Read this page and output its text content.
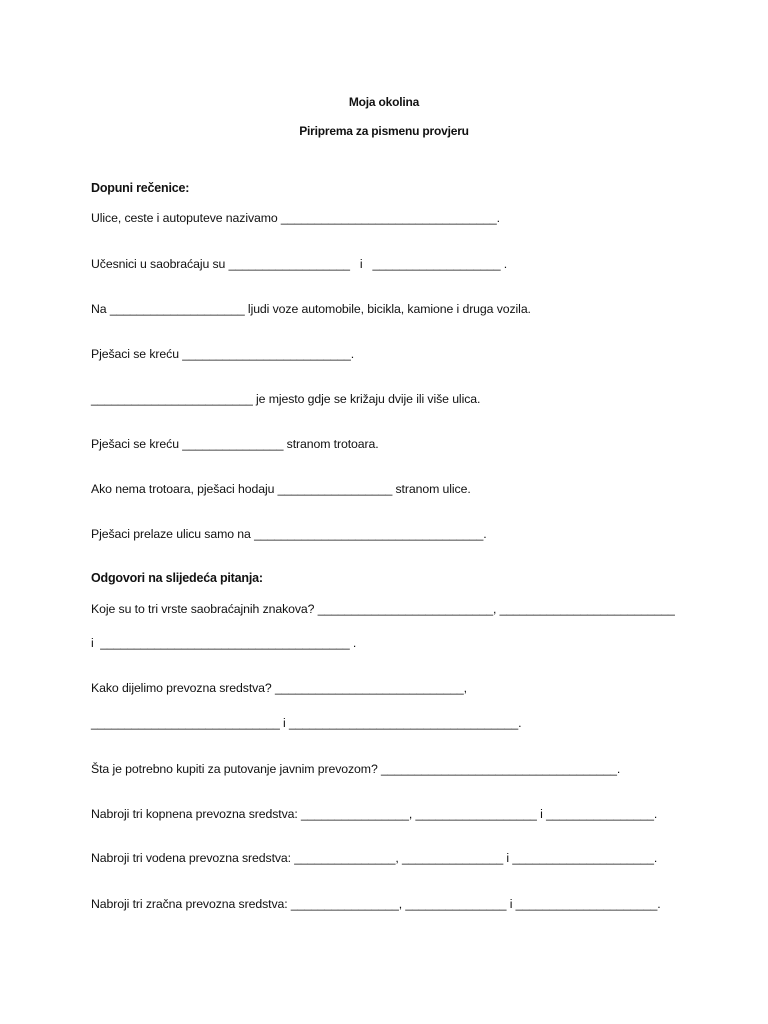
Moja okolina
Piriprema za pismenu provjeru
Dopuni rečenice:
Ulice, ceste i autoputeve nazivamo ________________________________.
Učesnici u saobraćaju su __________________   i   ___________________ .
Na ____________________ ljudi voze automobile, bicikla, kamione i druga vozila.
Pješaci se kreću _________________________.
________________________ je mjesto gdje se križaju dvije ili više ulica.
Pješaci se kreću _______________ stranom trotoara.
Ako nema trotoara, pješaci hodaju _________________ stranom ulice.
Pješaci prelaze ulicu samo na __________________________________.
Odgovori na slijedeća pitanja:
Koje su to tri vrste saobraćajnih znakova? __________________________, __________________________
i  _____________________________________ .
Kako dijelimo prevozna sredstva? ____________________________,
____________________________ i __________________________________.
Šta je potrebno kupiti za putovanje javnim prevozom? ___________________________________.
Nabroji tri kopnena prevozna sredstva: ________________, __________________ i ________________.
Nabroji tri vodena prevozna sredstva: _______________, _______________ i _____________________.
Nabroji tri zračna prevozna sredstva: ________________, _______________ i _____________________.
